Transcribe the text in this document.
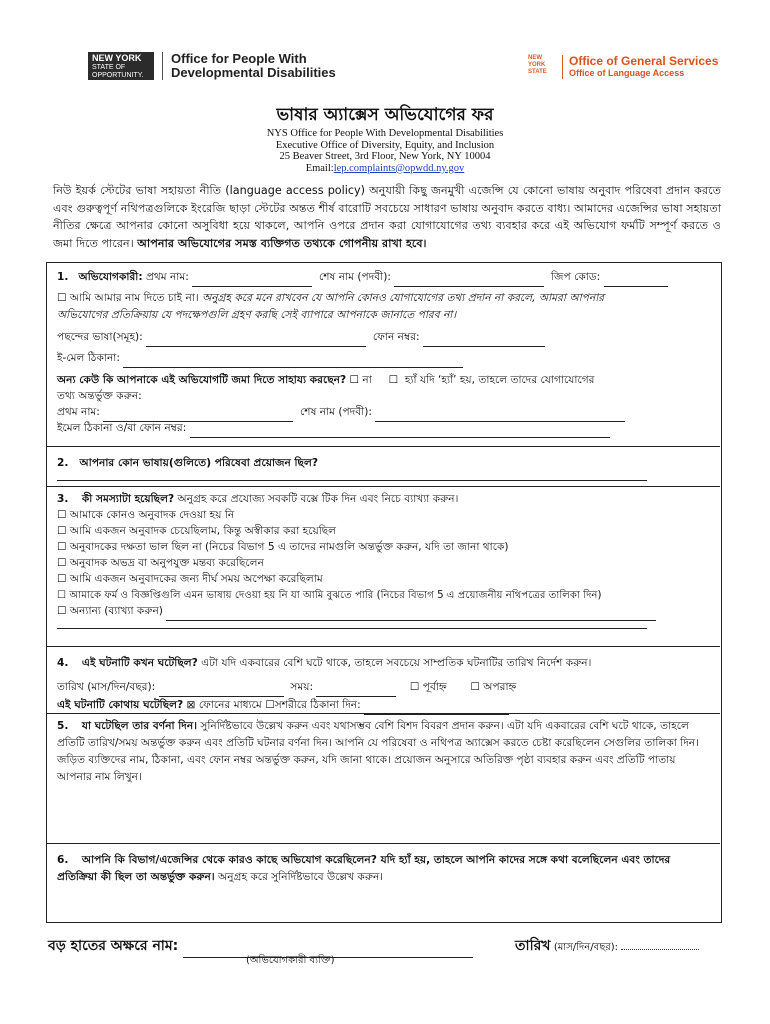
NEW YORK
STATE OF
OPPORTUNITY.
Office for People With
Developmental Disabilities
NEW
YORK
STATE
Office of General Services
Office of Language Access
ভাষার অ্যাক্সেস অভিযোগের ফর
NYS Office for People With Developmental Disabilities
Executive Office of Diversity, Equity, and Inclusion
25 Beaver Street, 3rd Floor, New York, NY 10004
Email:lep.complaints@opwdd.ny.gov
নিউ ইয়র্ক স্টেটের ভাষা সহায়তা নীতি (language access policy) অনুযায়ী কিছু জনমুখী এজেন্সি যে কোনো ভাষায় অনুবাদ পরিষেবা প্রদান করতে এবং গুরুত্বপূর্ণ নথিপত্রগুলিকে ইংরেজি ছাড়া স্টেটের অন্তত শীর্ষ বারোটি সবচেয়ে সাধারণ ভাষায় অনুবাদ করতে বাধ্য। আমাদের এজেন্সির ভাষা সহায়তা নীতির ক্ষেত্রে আপনার কোনো অসুবিধা হয়ে থাকলে, আপনি ওপরে প্রদান করা যোগাযোগের তথ্য ব্যবহার করে এই অভিযোগ ফর্মটি সম্পূর্ণ করতে ও জমা দিতে পারেন। আপনার অভিযোগের সমস্ত ব্যক্তিগত তথ্যকে গোপনীয় রাখা হবে।
1. অভিযোগকারী: প্রথম নাম:	শেষ নাম (পদবী):	জিপ কোড:
☐ আমি আমার নাম দিতে চাই না। অনুগ্রহ করে মনে রাখবেন যে আপনি কোনও যোগাযোগের তথ্য প্রদান না করলে, আমরা আপনার
অভিযোগের প্রতিক্রিয়ায় যে পদক্ষেপগুলি গ্রহণ করছি সেই ব্যাপারে আপনাকে জানাতে পারব না।
পছন্দের ভাষা(সমূহ):	ফোন নম্বর:
ই-মেল ঠিকানা:
অন্য কেউ কি আপনাকে এই অভিযোগটি জমা দিতে সাহায্য করছেন? ☐ না ☐ হ্যাঁ যদি ‘হ্যাঁ’ হয়, তাহলে তাদের যোগাযোগের
তথ্য অন্তর্ভুক্ত করুন:
প্রথম নাম:	শেষ নাম (পদবী):
ইমেল ঠিকানা ও/বা ফোন নম্বর:
2. আপনার কোন ভাষায়(গুলিতে) পরিষেবা প্রয়োজন ছিল?
3. কী সমস্যাটা হয়েছিল? অনুগ্রহ করে প্রযোজ্য সবকটি বক্সে টিক দিন এবং নিচে ব্যাখ্যা করুন।
☐ আমাকে কোনও অনুবাদক দেওয়া হয় নি
☐ আমি একজন অনুবাদক চেয়েছিলাম, কিন্তু অস্বীকার করা হয়েছিল
☐ অনুবাদকের দক্ষতা ভাল ছিল না (নিচের বিভাগ 5 এ তাদের নামগুলি অন্তর্ভুক্ত করুন, যদি তা জানা থাকে)
☐ অনুবাদক অভদ্র বা অনুপযুক্ত মন্তব্য করেছিলেন
☐ আমি একজন অনুবাদকের জন্য দীর্ঘ সময় অপেক্ষা করেছিলাম
☐ আমাকে ফর্ম ও বিজ্ঞপ্তিগুলি এমন ভাষায় দেওয়া হয় নি যা আমি বুঝতে পারি (নিচের বিভাগ 5 এ প্রয়োজনীয় নথিপত্রের তালিকা দিন)
☐ অন্যান্য (ব্যাখ্যা করুন)
4. এই ঘটনাটি কখন ঘটেছিল? এটা যদি একবারের বেশি ঘটে থাকে, তাহলে সবচেয়ে সাম্প্রতিক ঘটনাটির তারিখ নির্দেশ করুন।
তারিখ (মাস/দিন/বছর):	সময়:	☐ পূর্বাহ্ন ☐ অপরাহ্ন
এই ঘটনাটি কোথায় ঘটেছিল? ⊠ ফোনের মাধ্যমে ☐সশরীরে ঠিকানা দিন:
5. যা ঘটেছিল তার বর্ণনা দিন। সুনির্দিষ্টভাবে উল্লেখ করুন এবং যথাসম্ভব বেশি বিশদ বিবরণ প্রদান করুন। এটা যদি একবারের বেশি ঘটে থাকে, তাহলে প্রতিটি তারিখ/সময় অন্তর্ভুক্ত করুন এবং প্রতিটি ঘটনার বর্ণনা দিন। আপনি যে পরিষেবা ও নথিপত্র অ্যাক্সেস করতে চেষ্টা করেছিলেন সেগুলির তালিকা দিন। জড়িত ব্যক্তিদের নাম, ঠিকানা, এবং ফোন নম্বর অন্তর্ভুক্ত করুন, যদি জানা থাকে। প্রয়োজন অনুসারে অতিরিক্ত পৃষ্ঠা ব্যবহার করুন এবং প্রতিটি পাতায় আপনার নাম লিখুন।
6. আপনি কি বিভাগ/এজেন্সির থেকে কারও কাছে অভিযোগ করেছিলেন? যদি হ্যাঁ হয়, তাহলে আপনি কাদের সঙ্গে কথা বলেছিলেন এবং তাদের প্রতিক্রিয়া কী ছিল তা অন্তর্ভুক্ত করুন। অনুগ্রহ করে সুনির্দিষ্টভাবে উল্লেখ করুন।
বড় হাতের অক্ষরে নাম:
(অভিযোগকারী ব্যক্তি)
তারিখ (মাস/দিন/বছর):
